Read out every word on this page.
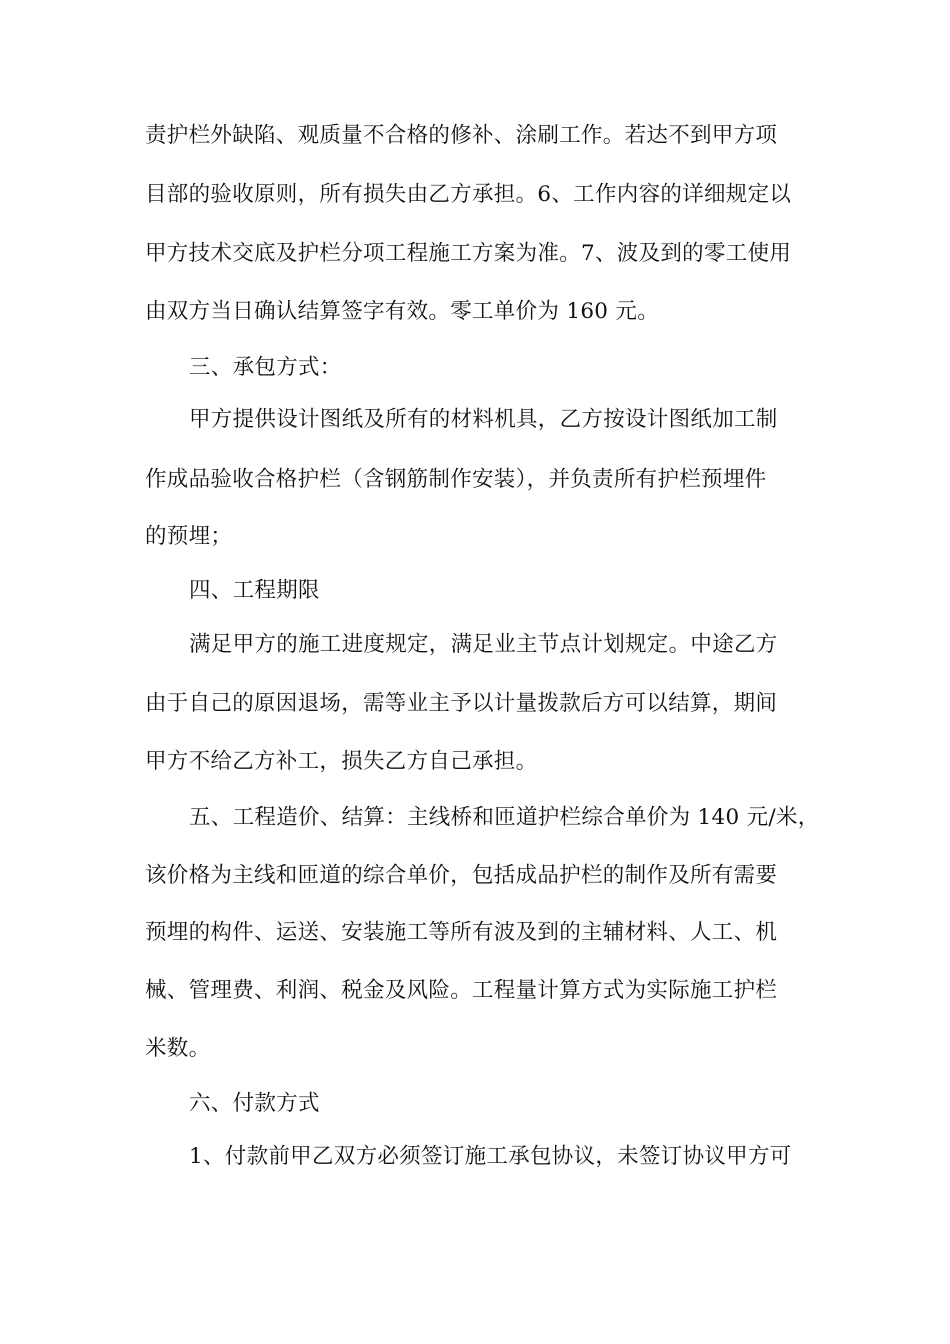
责护栏外缺陷、观质量不合格的修补、涂刷工作。若达不到甲方项
目部的验收原则，所有损失由乙方承担。6、工作内容的详细规定以
甲方技术交底及护栏分项工程施工方案为准。7、波及到的零工使用
由双方当日确认结算签字有效。零工单价为 160 元。
三、承包方式：
甲方提供设计图纸及所有的材料机具，乙方按设计图纸加工制
作成品验收合格护栏（含钢筋制作安装），并负责所有护栏预埋件
的预埋；
四、工程期限
满足甲方的施工进度规定，满足业主节点计划规定。中途乙方
由于自己的原因退场，需等业主予以计量拨款后方可以结算，期间
甲方不给乙方补工，损失乙方自己承担。
五、工程造价、结算：主线桥和匝道护栏综合单价为 140 元/米，
该价格为主线和匝道的综合单价，包括成品护栏的制作及所有需要
预埋的构件、运送、安装施工等所有波及到的主辅材料、人工、机
械、管理费、利润、税金及风险。工程量计算方式为实际施工护栏
米数。
六、付款方式
1、付款前甲乙双方必须签订施工承包协议，未签订协议甲方可
